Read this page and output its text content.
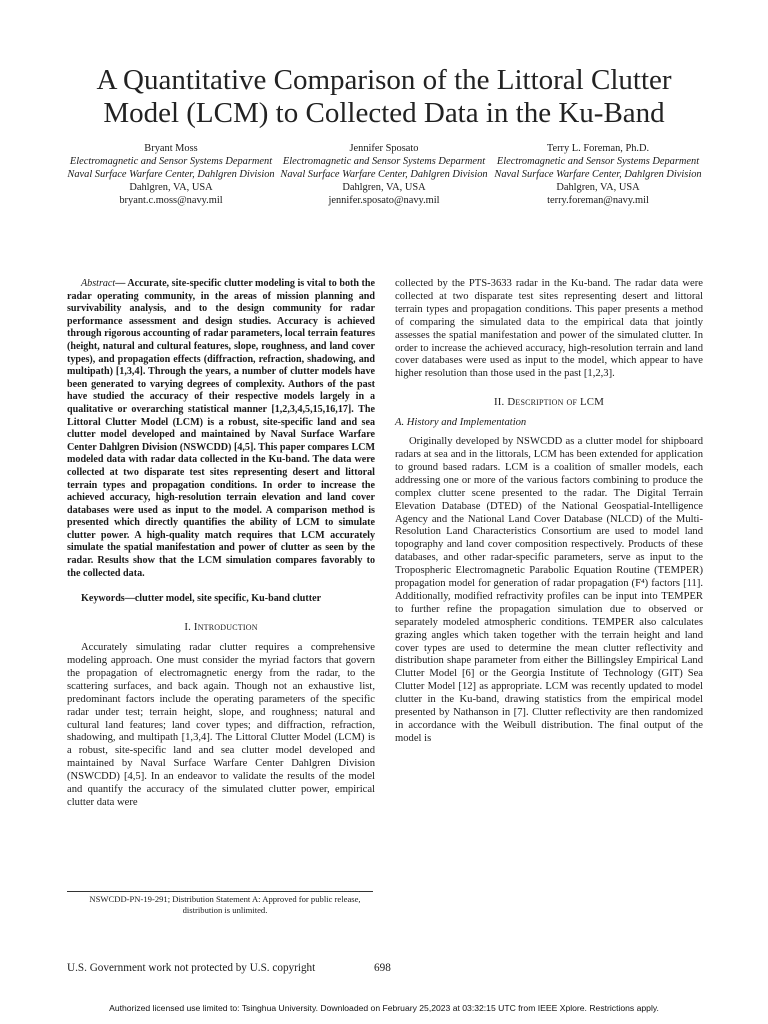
A Quantitative Comparison of the Littoral Clutter Model (LCM) to Collected Data in the Ku-Band
Bryant Moss
Electromagnetic and Sensor Systems Deparment
Naval Surface Warfare Center, Dahlgren Division
Dahlgren, VA, USA
bryant.c.moss@navy.mil
Jennifer Sposato
Electromagnetic and Sensor Systems Deparment
Naval Surface Warfare Center, Dahlgren Division
Dahlgren, VA, USA
jennifer.sposato@navy.mil
Terry L. Foreman, Ph.D.
Electromagnetic and Sensor Systems Deparment
Naval Surface Warfare Center, Dahlgren Division
Dahlgren, VA, USA
terry.foreman@navy.mil

Abstract— Accurate, site-specific clutter modeling is vital to both the radar operating community, in the areas of mission planning and survivability analysis, and to the design community for radar performance assessment and design studies. Accuracy is achieved through rigorous accounting of radar parameters, local terrain features (height, natural and cultural features, slope, roughness, and land cover types), and propagation effects (diffraction, refraction, shadowing, and multipath) [1,3,4]. Through the years, a number of clutter models have been generated to varying degrees of complexity. Authors of the past have studied the accuracy of their respective models largely in a qualitative or overarching statistical manner [1,2,3,4,5,15,16,17]. The Littoral Clutter Model (LCM) is a robust, site-specific land and sea clutter model developed and maintained by Naval Surface Warfare Center Dahlgren Division (NSWCDD) [4,5]. This paper compares LCM modeled data with radar data collected in the Ku-band. The data were collected at two disparate test sites representing desert and littoral terrain types and propagation conditions. In order to increase the achieved accuracy, high-resolution terrain elevation and land cover databases were used as input to the model. A comparison method is presented which directly quantifies the ability of LCM to simulate clutter power. A high-quality match requires that LCM accurately simulate the spatial manifestation and power of clutter as seen by the radar. Results show that the LCM simulation compares favorably to the collected data.

Keywords—clutter model, site specific, Ku-band clutter

I. Introduction

Accurately simulating radar clutter requires a comprehensive modeling approach. One must consider the myriad factors that govern the propagation of electromagnetic energy from the radar, to the scattering surfaces, and back again. Though not an exhaustive list, predominant factors include the operating parameters of the specific radar under test; terrain height, slope, and roughness; natural and cultural land features; land cover types; and diffraction, refraction, shadowing, and multipath [1,3,4]. The Littoral Clutter Model (LCM) is a robust, site-specific land and sea clutter model developed and maintained by Naval Surface Warfare Center Dahlgren Division (NSWCDD) [4,5]. In an endeavor to validate the results of the model and quantify the accuracy of the simulated clutter power, empirical clutter data were

collected by the PTS-3633 radar in the Ku-band. The radar data were collected at two disparate test sites representing desert and littoral terrain types and propagation conditions. This paper presents a method of comparing the simulated data to the empirical data that jointly assesses the spatial manifestation and power of the simulated clutter. In order to increase the achieved accuracy, high-resolution terrain and land cover databases were used as input to the model, which appear to have higher resolution than those used in the past [1,2,3].

II. Description of LCM

A. History and Implementation

Originally developed by NSWCDD as a clutter model for shipboard radars at sea and in the littorals, LCM has been extended for application to ground based radars. LCM is a coalition of smaller models, each addressing one or more of the various factors combining to produce the complex clutter scene presented to the radar. The Digital Terrain Elevation Database (DTED) of the National Geospatial-Intelligence Agency and the National Land Cover Database (NLCD) of the Multi-Resolution Land Characteristics Consortium are used to model land topography and land cover composition respectively. Products of these databases, and other radar-specific parameters, serve as input to the Tropospheric Electromagnetic Parabolic Equation Routine (TEMPER) propagation model for generation of radar propagation (F⁴) factors [11]. Additionally, modified refractivity profiles can be input into TEMPER to further refine the propagation simulation due to observed or separately modeled atmospheric conditions. TEMPER also calculates grazing angles which taken together with the terrain height and land cover types are used to determine the mean clutter reflectivity and distribution shape parameter from either the Billingsley Empirical Land Clutter Model [6] or the Georgia Institute of Technology (GIT) Sea Clutter Model [12] as appropriate. LCM was recently updated to model clutter in the Ku-band, drawing statistics from the empirical model presented by Nathanson in [7]. Clutter reflectivity are then randomized in accordance with the Weibull distribution. The final output of the model is

NSWCDD-PN-19-291; Distribution Statement A: Approved for public release, distribution is unlimited.
U.S. Government work not protected by U.S. copyright	698
Authorized licensed use limited to: Tsinghua University. Downloaded on February 25,2023 at 03:32:15 UTC from IEEE Xplore. Restrictions apply.
